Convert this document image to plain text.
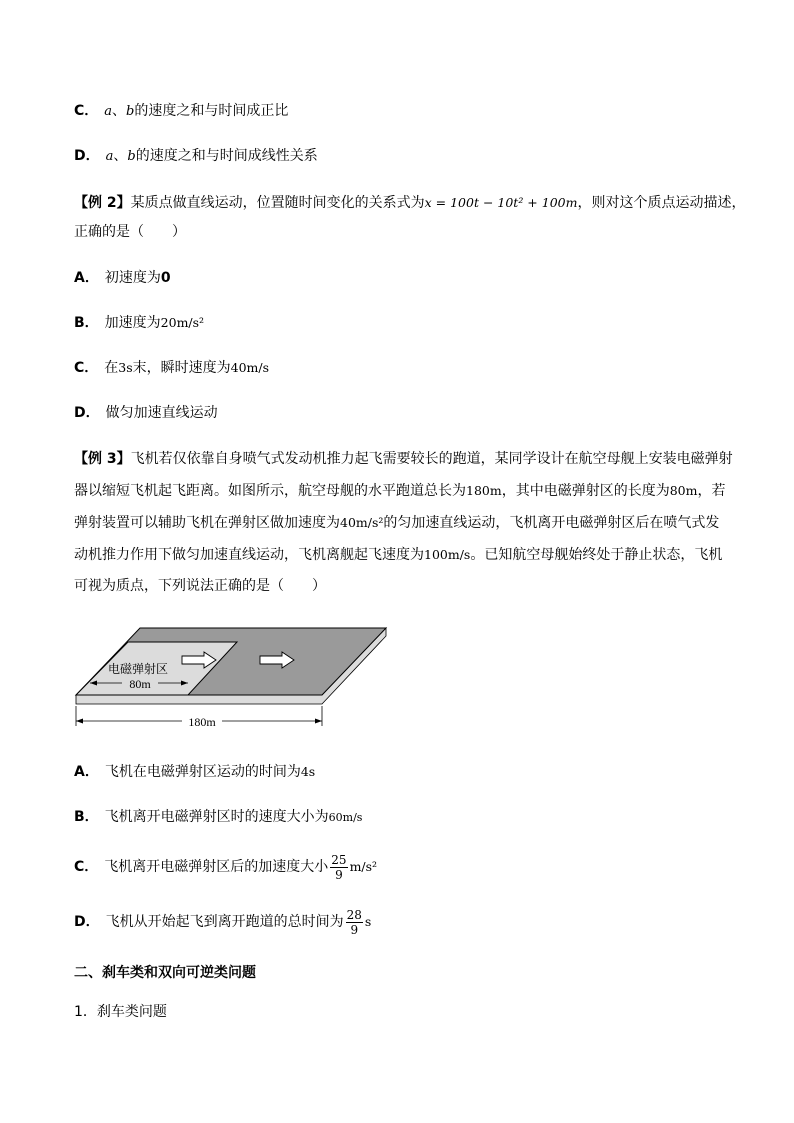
C． a、b的速度之和与时间成正比
D． a、b的速度之和与时间成线性关系
【例 2】某质点做直线运动，位置随时间变化的关系式为x = 100t − 10t² + 100m，则对这个质点运动描述，
正确的是（　　）
A． 初速度为0
B． 加速度为20m/s²
C． 在3s末，瞬时速度为40m/s
D． 做匀加速直线运动
【例 3】飞机若仅依靠自身喷气式发动机推力起飞需要较长的跑道，某同学设计在航空母舰上安装电磁弹射
器以缩短飞机起飞距离。如图所示，航空母舰的水平跑道总长为180m，其中电磁弹射区的长度为80m，若
弹射装置可以辅助飞机在弹射区做加速度为40m/s²的匀加速直线运动，飞机离开电磁弹射区后在喷气式发
动机推力作用下做匀加速直线运动，飞机离舰起飞速度为100m/s。已知航空母舰始终处于静止状态，飞机
可视为质点，下列说法正确的是（　　）
电磁弹射区
80m
180m
A． 飞机在电磁弹射区运动的时间为4s
B． 飞机离开电磁弹射区时的速度大小为60m/s
C． 飞机离开电磁弹射区后的加速度大小 $\frac{25}{9} m/s^2$
D． 飞机从开始起飞到离开跑道的总时间为 $\frac{28}{9}$ s
二、刹车类和双向可逆类问题
1．刹车类问题
